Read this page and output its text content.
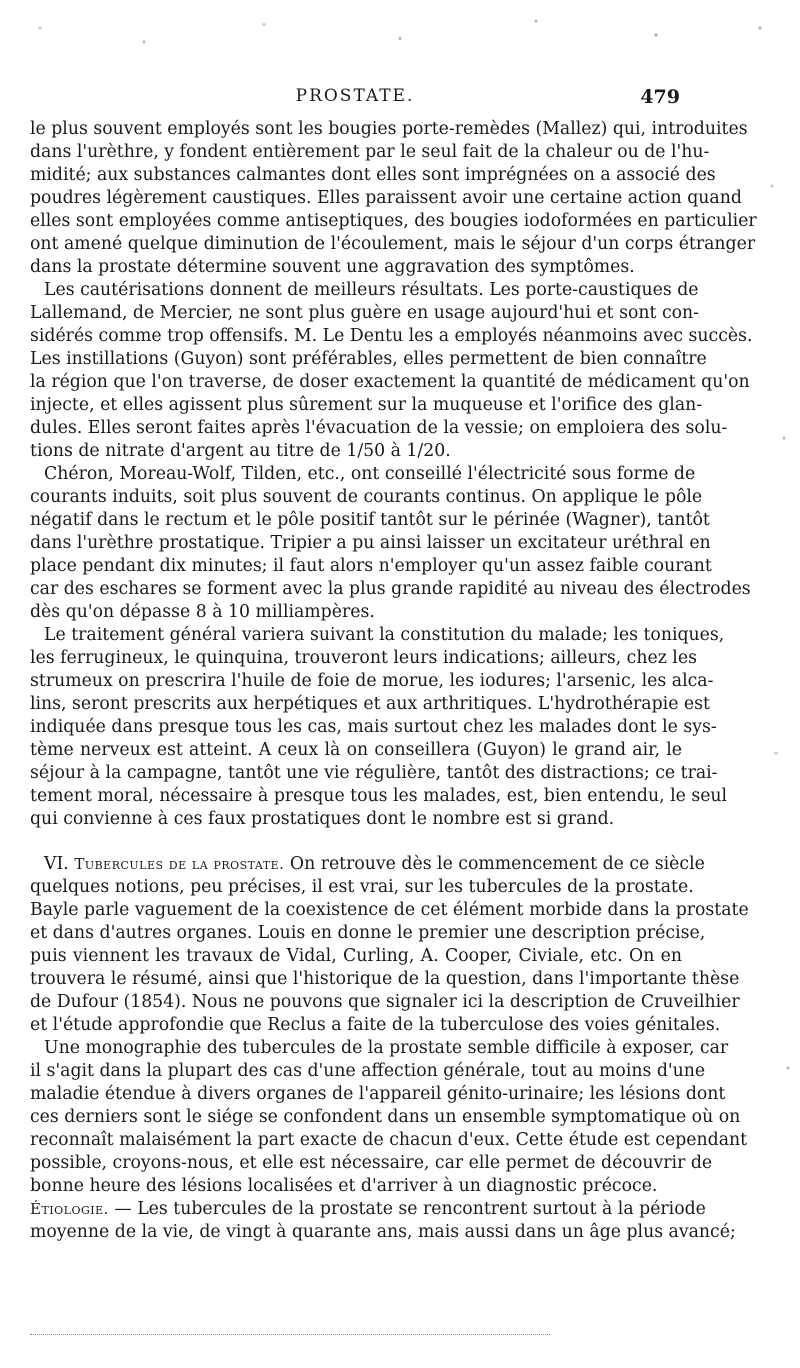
PROSTATE.	479
le plus souvent employés sont les bougies porte-remèdes (Mallez) qui, introduites
dans l'urèthre, y fondent entièrement par le seul fait de la chaleur ou de l'hu-
midité; aux substances calmantes dont elles sont imprégnées on a associé des
poudres légèrement caustiques. Elles paraissent avoir une certaine action quand
elles sont employées comme antiseptiques, des bougies iodoformées en particulier
ont amené quelque diminution de l'écoulement, mais le séjour d'un corps étranger
dans la prostate détermine souvent une aggravation des symptômes.
Les cautérisations donnent de meilleurs résultats. Les porte-caustiques de
Lallemand, de Mercier, ne sont plus guère en usage aujourd'hui et sont con-
sidérés comme trop offensifs. M. Le Dentu les a employés néanmoins avec succès.
Les instillations (Guyon) sont préférables, elles permettent de bien connaître
la région que l'on traverse, de doser exactement la quantité de médicament qu'on
injecte, et elles agissent plus sûrement sur la muqueuse et l'orifice des glan-
dules. Elles seront faites après l'évacuation de la vessie; on emploiera des solu-
tions de nitrate d'argent au titre de 1/50 à 1/20.
Chéron, Moreau-Wolf, Tilden, etc., ont conseillé l'électricité sous forme de
courants induits, soit plus souvent de courants continus. On applique le pôle
négatif dans le rectum et le pôle positif tantôt sur le périnée (Wagner), tantôt
dans l'urèthre prostatique. Tripier a pu ainsi laisser un excitateur uréthral en
place pendant dix minutes; il faut alors n'employer qu'un assez faible courant
car des eschares se forment avec la plus grande rapidité au niveau des électrodes
dès qu'on dépasse 8 à 10 milliampères.
Le traitement général variera suivant la constitution du malade; les toniques,
les ferrugineux, le quinquina, trouveront leurs indications; ailleurs, chez les
strumeux on prescrira l'huile de foie de morue, les iodures; l'arsenic, les alca-
lins, seront prescrits aux herpétiques et aux arthritiques. L'hydrothérapie est
indiquée dans presque tous les cas, mais surtout chez les malades dont le sys-
tème nerveux est atteint. A ceux là on conseillera (Guyon) le grand air, le
séjour à la campagne, tantôt une vie régulière, tantôt des distractions; ce trai-
tement moral, nécessaire à presque tous les malades, est, bien entendu, le seul
qui convienne à ces faux prostatiques dont le nombre est si grand.
VI. Tubercules de la prostate. On retrouve dès le commencement de ce siècle
quelques notions, peu précises, il est vrai, sur les tubercules de la prostate.
Bayle parle vaguement de la coexistence de cet élément morbide dans la prostate
et dans d'autres organes. Louis en donne le premier une description précise,
puis viennent les travaux de Vidal, Curling, A. Cooper, Civiale, etc. On en
trouvera le résumé, ainsi que l'historique de la question, dans l'importante thèse
de Dufour (1854). Nous ne pouvons que signaler ici la description de Cruveilhier
et l'étude approfondie que Reclus a faite de la tuberculose des voies génitales.
Une monographie des tubercules de la prostate semble difficile à exposer, car
il s'agit dans la plupart des cas d'une affection générale, tout au moins d'une
maladie étendue à divers organes de l'appareil génito-urinaire; les lésions dont
ces derniers sont le siége se confondent dans un ensemble symptomatique où on
reconnaît malaisément la part exacte de chacun d'eux. Cette étude est cependant
possible, croyons-nous, et elle est nécessaire, car elle permet de découvrir de
bonne heure des lésions localisées et d'arriver à un diagnostic précoce.
Étiologie. — Les tubercules de la prostate se rencontrent surtout à la période
moyenne de la vie, de vingt à quarante ans, mais aussi dans un âge plus avancé;
